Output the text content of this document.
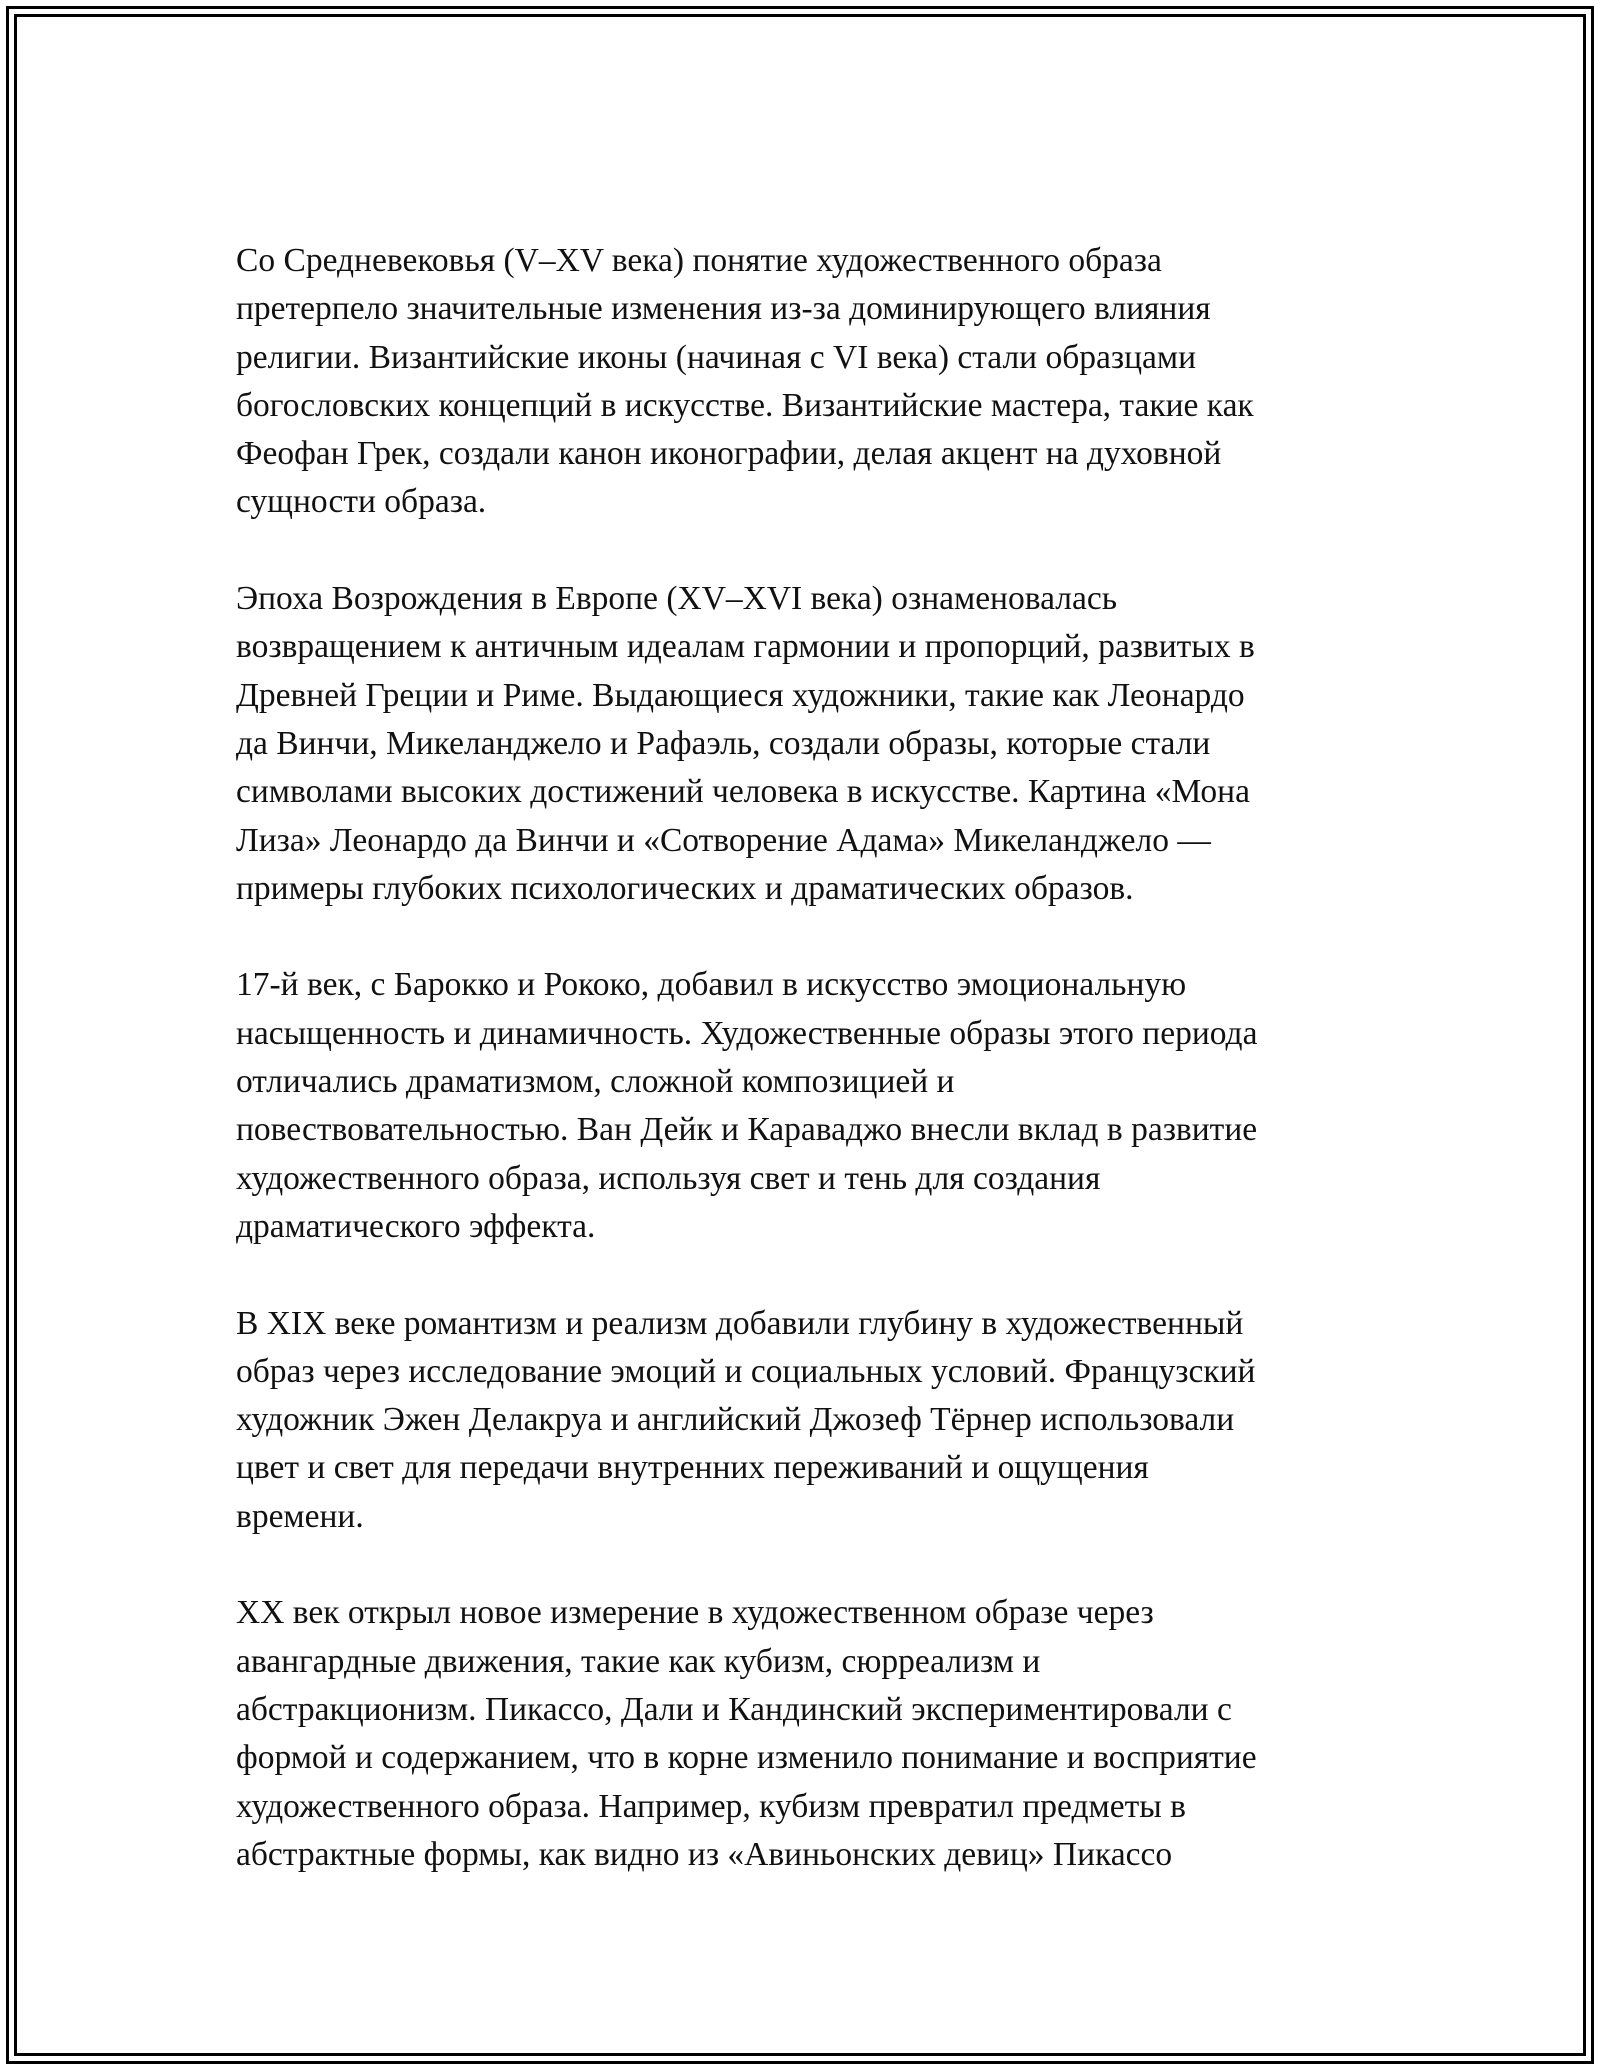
Со Средневековья (V–XV века) понятие художественного образа
претерпело значительные изменения из-за доминирующего влияния
религии. Византийские иконы (начиная с VI века) стали образцами
богословских концепций в искусстве. Византийские мастера, такие как
Феофан Грек, создали канон иконографии, делая акцент на духовной
сущности образа.

Эпоха Возрождения в Европе (XV–XVI века) ознаменовалась
возвращением к античным идеалам гармонии и пропорций, развитых в
Древней Греции и Риме. Выдающиеся художники, такие как Леонардо
да Винчи, Микеланджело и Рафаэль, создали образы, которые стали
символами высоких достижений человека в искусстве. Картина «Мона
Лиза» Леонардо да Винчи и «Сотворение Адама» Микеланджело —
примеры глубоких психологических и драматических образов.

17-й век, с Барокко и Рококо, добавил в искусство эмоциональную
насыщенность и динамичность. Художественные образы этого периода
отличались драматизмом, сложной композицией и
повествовательностью. Ван Дейк и Караваджо внесли вклад в развитие
художественного образа, используя свет и тень для создания
драматического эффекта.

В XIX веке романтизм и реализм добавили глубину в художественный
образ через исследование эмоций и социальных условий. Французский
художник Эжен Делакруа и английский Джозеф Тёрнер использовали
цвет и свет для передачи внутренних переживаний и ощущения
времени.

XX век открыл новое измерение в художественном образе через
авангардные движения, такие как кубизм, сюрреализм и
абстракционизм. Пикассо, Дали и Кандинский экспериментировали с
формой и содержанием, что в корне изменило понимание и восприятие
художественного образа. Например, кубизм превратил предметы в
абстрактные формы, как видно из «Авиньонских девиц» Пикассо
